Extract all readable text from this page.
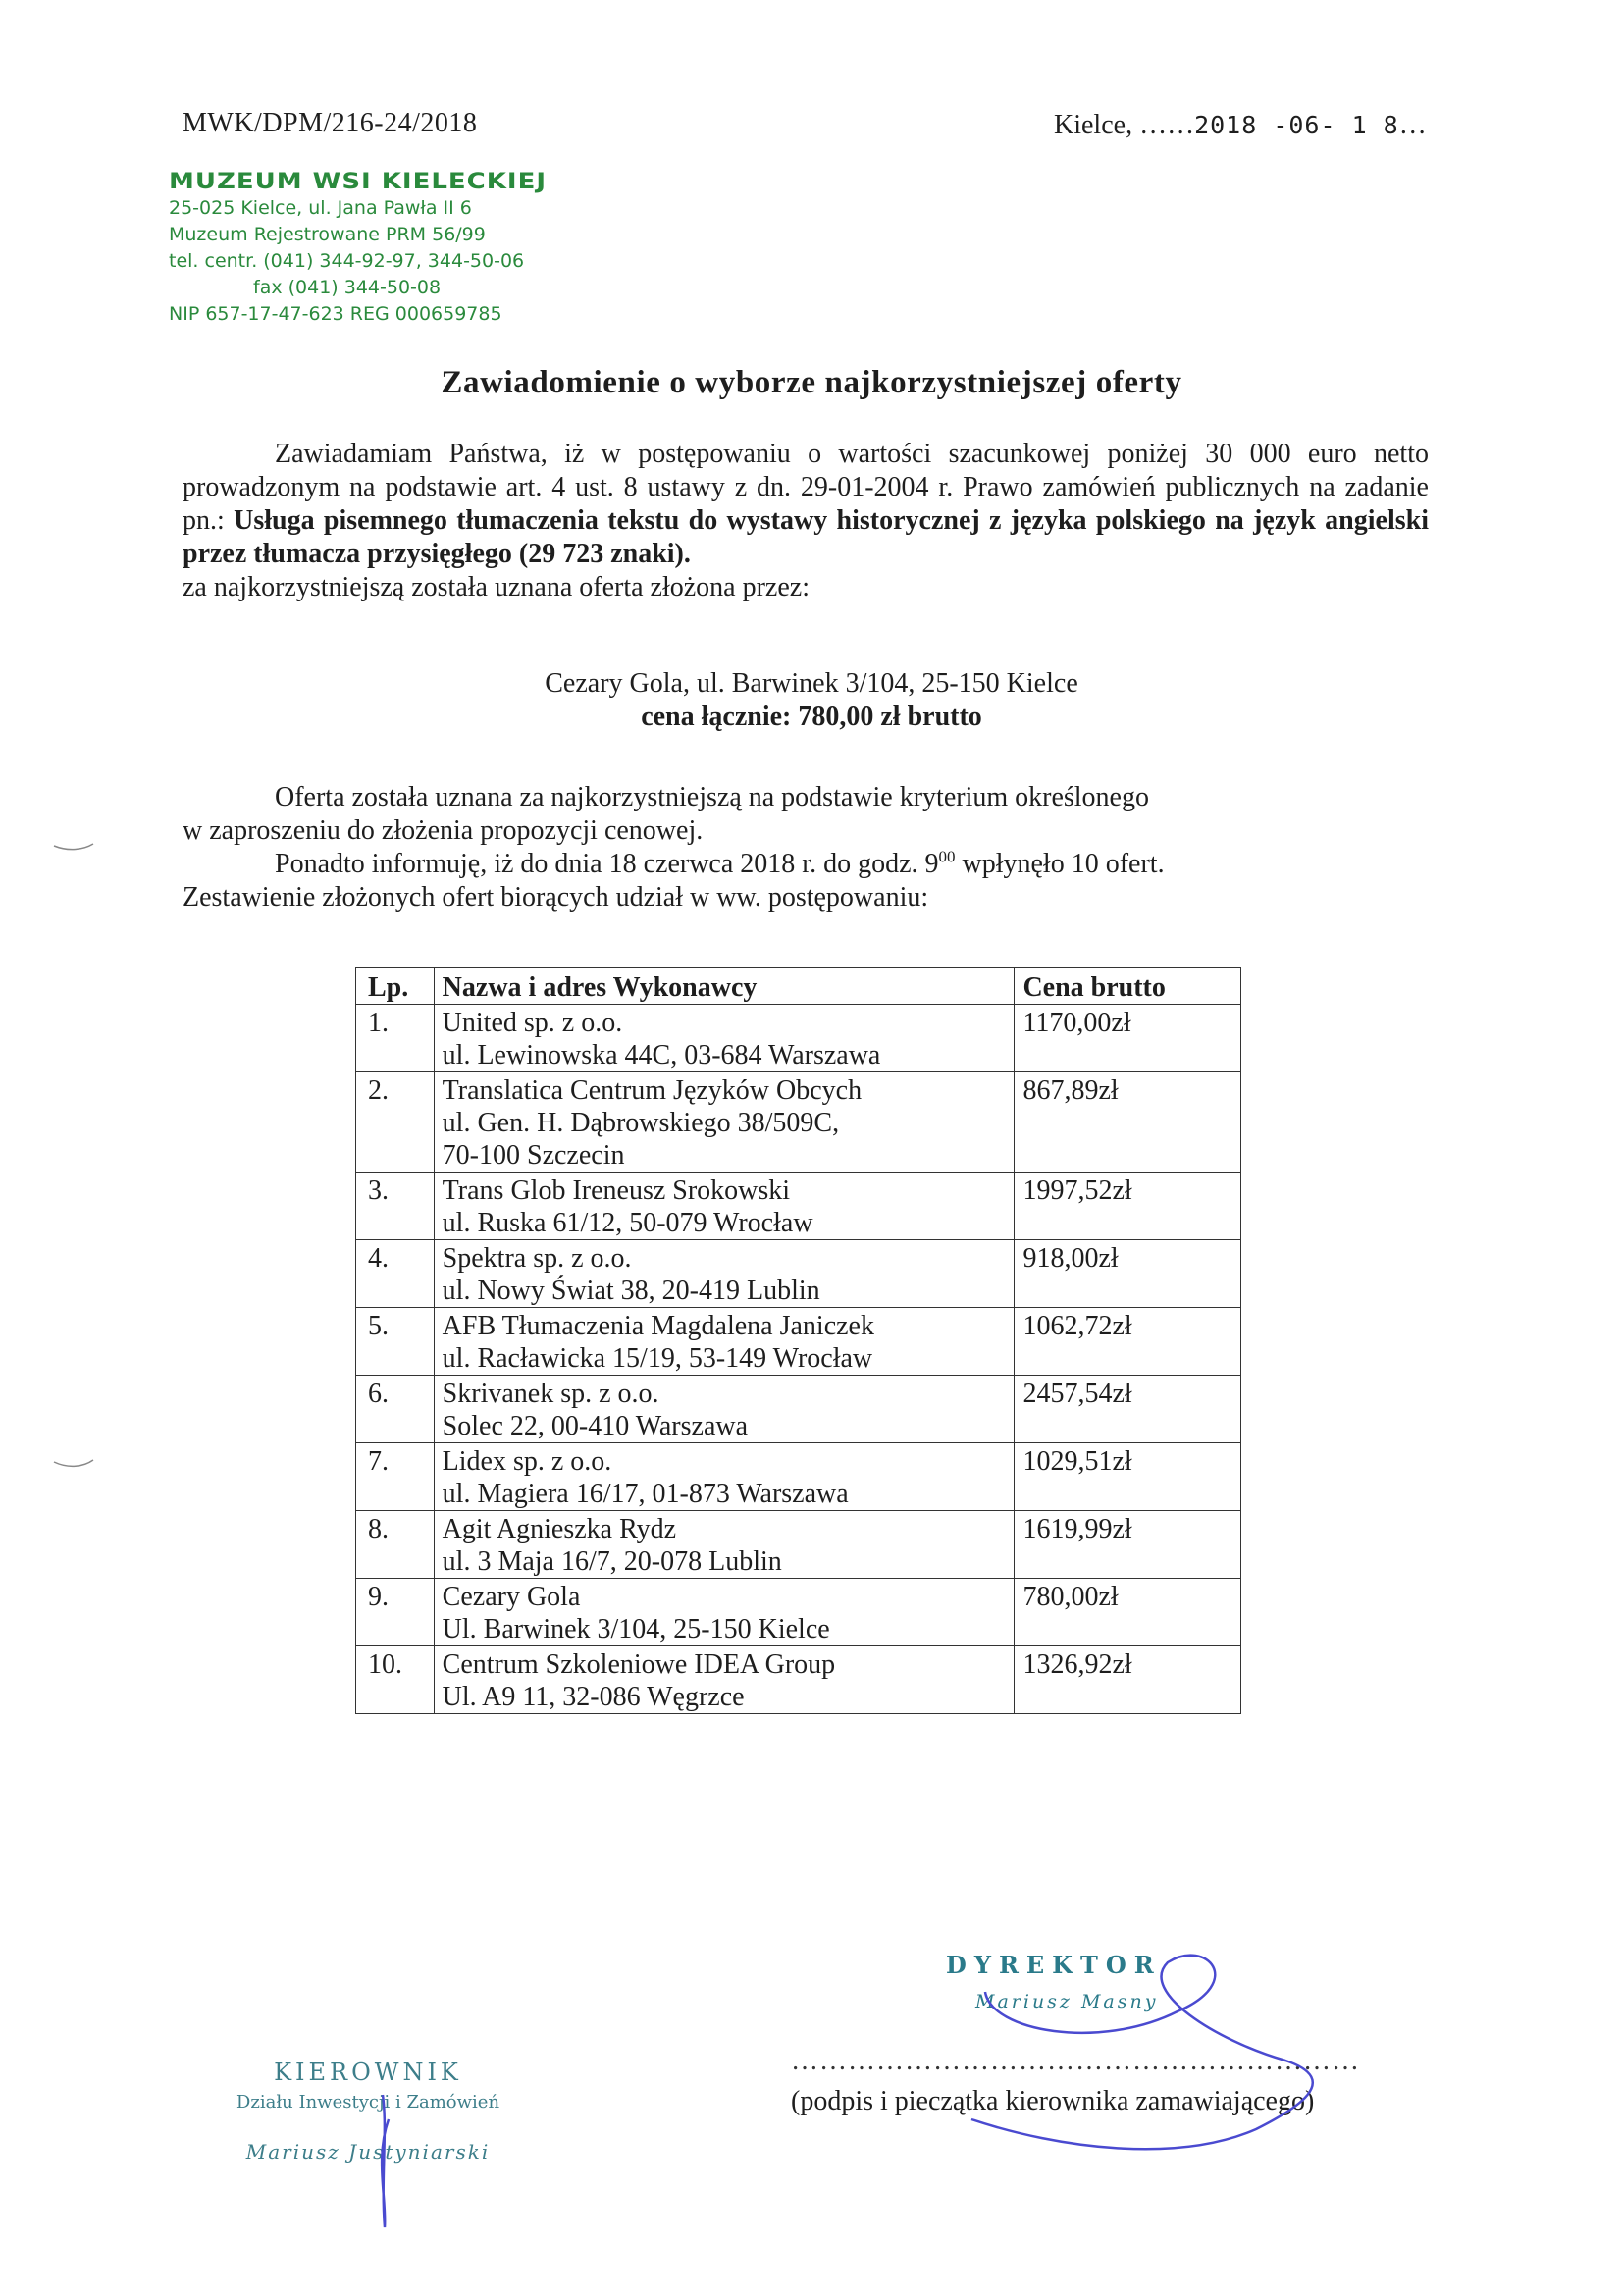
MWK/DPM/216-24/2018	Kielce, ……2018 -06- 1 8…
MUZEUM WSI KIELECKIEJ
25-025 Kielce, ul. Jana Pawła II 6
Muzeum Rejestrowane PRM 56/99
tel. centr. (041) 344-92-97, 344-50-06
fax (041) 344-50-08
NIP 657-17-47-623 REG 000659785
Zawiadomienie o wyborze najkorzystniejszej oferty
Zawiadamiam Państwa, iż w postępowaniu o wartości szacunkowej poniżej 30 000 euro netto prowadzonym na podstawie art. 4 ust. 8 ustawy z dn. 29-01-2004 r. Prawo zamówień publicznych na zadanie pn.: Usługa pisemnego tłumaczenia tekstu do wystawy historycznej z języka polskiego na język angielski przez tłumacza przysięgłego (29 723 znaki).
za najkorzystniejszą została uznana oferta złożona przez:
Cezary Gola, ul. Barwinek 3/104, 25-150 Kielce
cena łącznie: 780,00 zł brutto
Oferta została uznana za najkorzystniejszą na podstawie kryterium określonego
w zaproszeniu do złożenia propozycji cenowej.
Ponadto informuję, iż do dnia 18 czerwca 2018 r. do godz. $9^{00}$ wpłynęło 10 ofert.
Zestawienie złożonych ofert biorących udział w ww. postępowaniu:
Lp.	Nazwa i adres Wykonawcy	Cena brutto
1.	United sp. z o.o.
ul. Lewinowska 44C, 03-684 Warszawa	1170,00zł
2.	Translatica Centrum Języków Obcych
ul. Gen. H. Dąbrowskiego 38/509C,
70-100 Szczecin	867,89zł
3.	Trans Glob Ireneusz Srokowski
ul. Ruska 61/12, 50-079 Wrocław	1997,52zł
4.	Spektra sp. z o.o.
ul. Nowy Świat 38, 20-419 Lublin	918,00zł
5.	AFB Tłumaczenia Magdalena Janiczek
ul. Racławicka 15/19, 53-149 Wrocław	1062,72zł
6.	Skrivanek sp. z o.o.
Solec 22, 00-410 Warszawa	2457,54zł
7.	Lidex sp. z o.o.
ul. Magiera 16/17, 01-873 Warszawa	1029,51zł
8.	Agit Agnieszka Rydz
ul. 3 Maja 16/7, 20-078 Lublin	1619,99zł
9.	Cezary Gola
Ul. Barwinek 3/104, 25-150 Kielce	780,00zł
10.	Centrum Szkoleniowe IDEA Group
Ul. A9 11, 32-086 Węgrzce	1326,92zł
KIEROWNIK
Działu Inwestycji i Zamówień
Mariusz Justyniarski
DYREKTOR
Mariusz Masny
……………………………………………………
(podpis i pieczątka kierownika zamawiającego)
